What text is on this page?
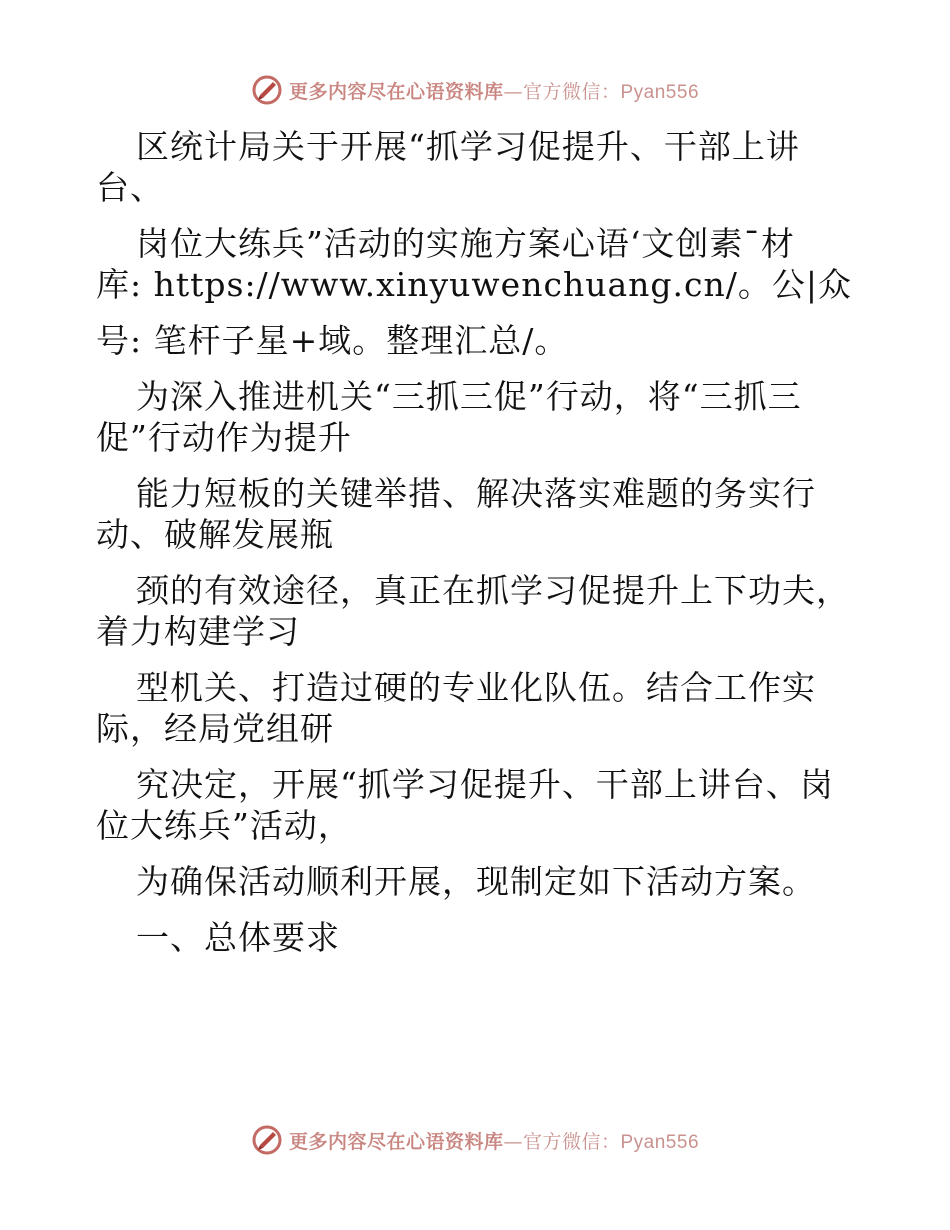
更多内容尽在心语资料库—官方微信：Pyan556
区统计局关于开展“抓学习促提升、干部上讲
台、
岗位大练兵”活动的实施方案心语‘文创素¯材
库: https://www.xinyuwenchuang.cn/。公|众
号: 笔杆子星+域。整理汇总/。
为深入推进机关“三抓三促”行动，将“三抓三
促”行动作为提升
能力短板的关键举措、解决落实难题的务实行
动、破解发展瓶
颈的有效途径，真正在抓学习促提升上下功夫，
着力构建学习
型机关、打造过硬的专业化队伍。结合工作实
际，经局党组研
究决定，开展“抓学习促提升、干部上讲台、岗
位大练兵”活动，
为确保活动顺利开展，现制定如下活动方案。
一、总体要求
更多内容尽在心语资料库—官方微信：Pyan556
